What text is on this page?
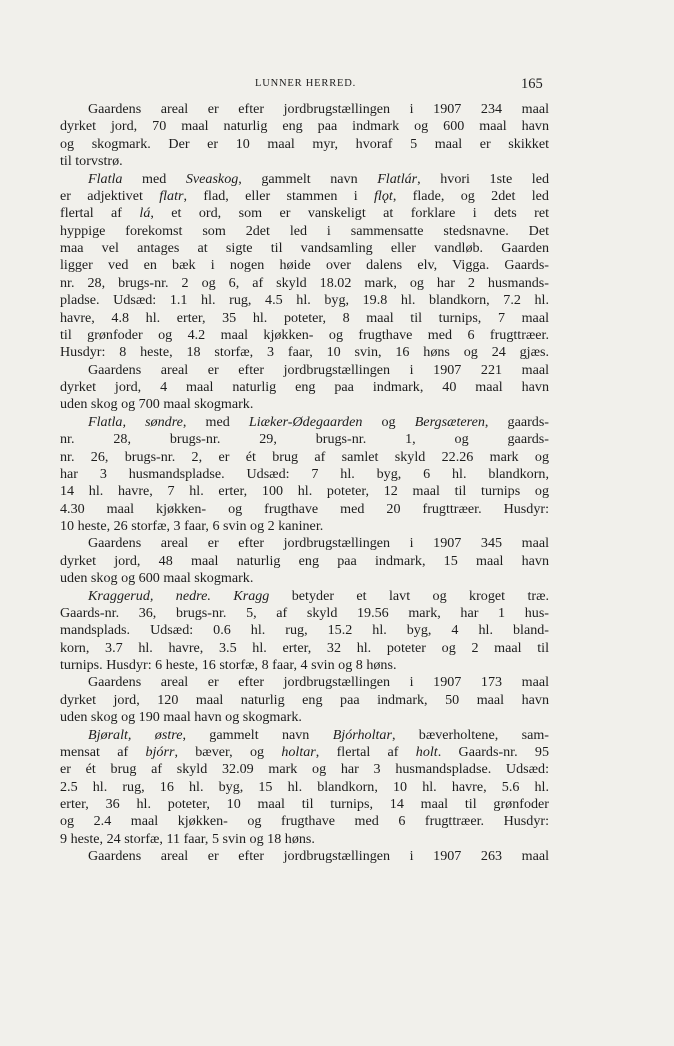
LUNNER HERRED.	165
Gaardens areal er efter jordbrugstællingen i 1907 234 maal
dyrket jord, 70 maal naturlig eng paa indmark og 600 maal havn
og skogmark. Der er 10 maal myr, hvoraf 5 maal er skikket
til torvstrø.
Flatla med Sveaskog, gammelt navn Flatlár, hvori 1ste led
er adjektivet flatr, flad, eller stammen i flǫt, flade, og 2det led
flertal af lá, et ord, som er vanskeligt at forklare i dets ret
hyppige forekomst som 2det led i sammensatte stedsnavne. Det
maa vel antages at sigte til vandsamling eller vandløb. Gaarden
ligger ved en bæk i nogen høide over dalens elv, Vigga. Gaards-
nr. 28, brugs-nr. 2 og 6, af skyld 18.02 mark, og har 2 husmands-
pladse. Udsæd: 1.1 hl. rug, 4.5 hl. byg, 19.8 hl. blandkorn, 7.2 hl.
havre, 4.8 hl. erter, 35 hl. poteter, 8 maal til turnips, 7 maal
til grønfoder og 4.2 maal kjøkken- og frugthave med 6 frugttræer.
Husdyr: 8 heste, 18 storfæ, 3 faar, 10 svin, 16 høns og 24 gjæs.
Gaardens areal er efter jordbrugstællingen i 1907 221 maal
dyrket jord, 4 maal naturlig eng paa indmark, 40 maal havn
uden skog og 700 maal skogmark.
Flatla, søndre, med Liæker-Ødegaarden og Bergsæteren, gaards-
nr. 28, brugs-nr. 29, brugs-nr. 1, og gaards-
nr. 26, brugs-nr. 2, er ét brug af samlet skyld 22.26 mark og
har 3 husmandspladse. Udsæd: 7 hl. byg, 6 hl. blandkorn,
14 hl. havre, 7 hl. erter, 100 hl. poteter, 12 maal til turnips og
4.30 maal kjøkken- og frugthave med 20 frugttræer. Husdyr:
10 heste, 26 storfæ, 3 faar, 6 svin og 2 kaniner.
Gaardens areal er efter jordbrugstællingen i 1907 345 maal
dyrket jord, 48 maal naturlig eng paa indmark, 15 maal havn
uden skog og 600 maal skogmark.
Kraggerud, nedre. Kragg betyder et lavt og kroget træ.
Gaards-nr. 36, brugs-nr. 5, af skyld 19.56 mark, har 1 hus-
mandsplads. Udsæd: 0.6 hl. rug, 15.2 hl. byg, 4 hl. bland-
korn, 3.7 hl. havre, 3.5 hl. erter, 32 hl. poteter og 2 maal til
turnips. Husdyr: 6 heste, 16 storfæ, 8 faar, 4 svin og 8 høns.
Gaardens areal er efter jordbrugstællingen i 1907 173 maal
dyrket jord, 120 maal naturlig eng paa indmark, 50 maal havn
uden skog og 190 maal havn og skogmark.
Bjøralt, østre, gammelt navn Bjórholtar, bæverholtene, sam-
mensat af bjórr, bæver, og holtar, flertal af holt. Gaards-nr. 95
er ét brug af skyld 32.09 mark og har 3 husmandspladse. Udsæd:
2.5 hl. rug, 16 hl. byg, 15 hl. blandkorn, 10 hl. havre, 5.6 hl.
erter, 36 hl. poteter, 10 maal til turnips, 14 maal til grønfoder
og 2.4 maal kjøkken- og frugthave med 6 frugttræer. Husdyr:
9 heste, 24 storfæ, 11 faar, 5 svin og 18 høns.
Gaardens areal er efter jordbrugstællingen i 1907 263 maal
